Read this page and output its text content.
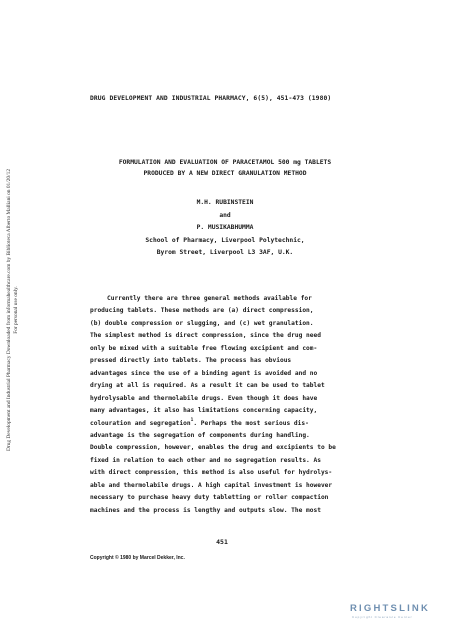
Drug Development and Industrial Pharmacy Downloaded from informahealthcare.com by Biblioteca Alberto Malliani on 01/20/12 For personal use only.
DRUG DEVELOPMENT AND INDUSTRIAL PHARMACY, 6(5), 451-473 (1980)
FORMULATION AND EVALUATION OF PARACETAMOL 500 mg TABLETS
PRODUCED BY A NEW DIRECT GRANULATION METHOD
M.H. RUBINSTEIN
and
P. MUSIKABHUMMA
School of Pharmacy, Liverpool Polytechnic,
Byrom Street, Liverpool L3 3AF, U.K.
Currently there are three general methods available for
producing tablets. These methods are (a) direct compression,
(b) double compression or slugging, and (c) wet granulation.
The simplest method is direct compression, since the drug need
only be mixed with a suitable free flowing excipient and com-
pressed directly into tablets. The process has obvious
advantages since the use of a binding agent is avoided and no
drying at all is required. As a result it can be used to tablet
hydrolysable and thermolabile drugs. Even though it does have
many advantages, it also has limitations concerning capacity,
colouration and segregation$^1$. Perhaps the most serious dis-
advantage is the segregation of components during handling.
Double compression, however, enables the drug and excipients to be
fixed in relation to each other and no segregation results. As
with direct compression, this method is also useful for hydrolys-
able and thermolabile drugs. A high capital investment is however
necessary to purchase heavy duty tabletting or roller compaction
machines and the process is lengthy and outputs slow. The most
451
Copyright © 1980 by Marcel Dekker, Inc.
RIGHTSLINK
Copyright Clearance Center
